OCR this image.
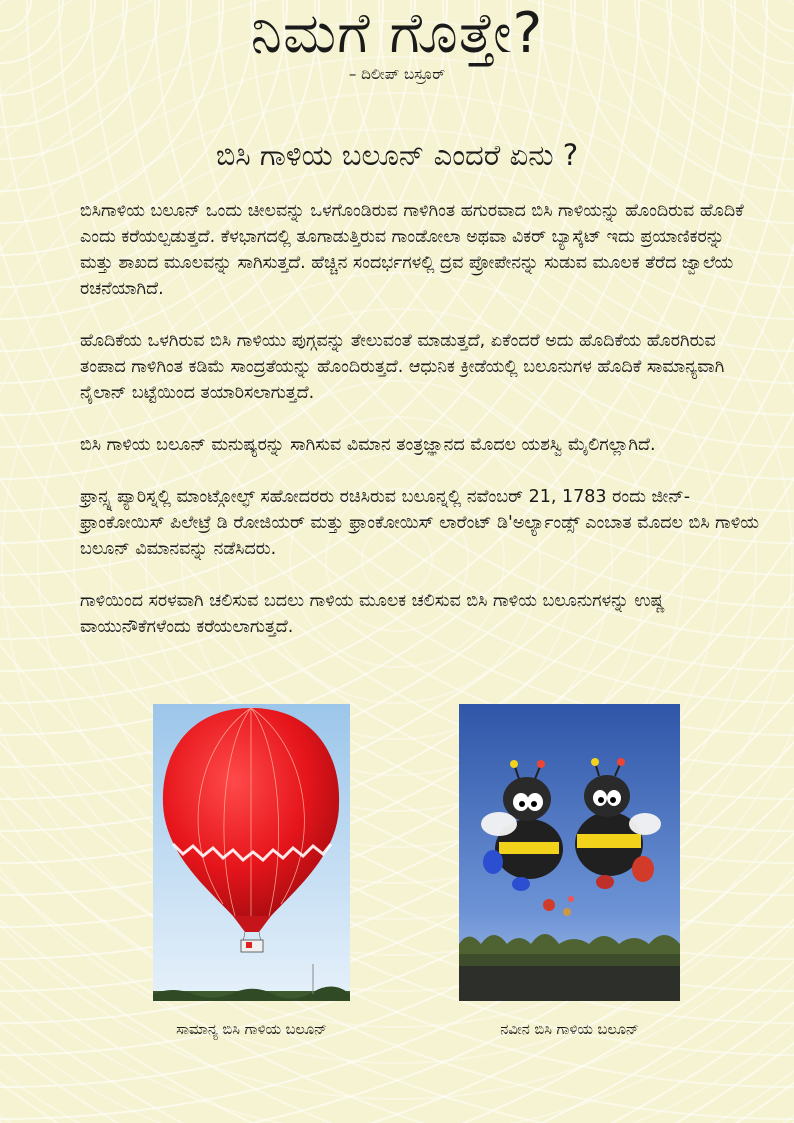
ನಿಮಗೆ ಗೊತ್ತೇ?
– ದಿಲೀಪ್ ಬಸ್ರೂರ್
ಬಿಸಿ ಗಾಳಿಯ ಬಲೂನ್ ಎಂದರೆ ಏನು ?

ಬಿಸಿಗಾಳಿಯ ಬಲೂನ್ ಒಂದು ಚೀಲವನ್ನು ಒಳಗೊಂಡಿರುವ ಗಾಳಿಗಿಂತ ಹಗುರವಾದ ಬಿಸಿ ಗಾಳಿಯನ್ನು ಹೊಂದಿರುವ ಹೊದಿಕೆ ಎಂದು ಕರೆಯಲ್ಪಡುತ್ತದೆ. ಕೆಳಭಾಗದಲ್ಲಿ ತೂಗಾಡುತ್ತಿರುವ ಗಾಂಡೋಲಾ ಅಥವಾ ವಿಕರ್ ಬ್ಯಾಸ್ಕೆಟ್ ಇದು ಪ್ರಯಾಣಿಕರನ್ನು ಮತ್ತು ಶಾಖದ ಮೂಲವನ್ನು ಸಾಗಿಸುತ್ತದೆ. ಹೆಚ್ಚಿನ ಸಂದರ್ಭಗಳಲ್ಲಿ ದ್ರವ ಪ್ರೋಪೇನನ್ನು ಸುಡುವ ಮೂಲಕ ತೆರೆದ ಜ್ವಾಲೆಯ ರಚನೆಯಾಗಿದೆ.

ಹೊದಿಕೆಯ ಒಳಗಿರುವ ಬಿಸಿ ಗಾಳಿಯು ಪುಗ್ಗವನ್ನು ತೇಲುವಂತೆ ಮಾಡುತ್ತದೆ, ಏಕೆಂದರೆ ಅದು ಹೊದಿಕೆಯ ಹೊರಗಿರುವ ತಂಪಾದ ಗಾಳಿಗಿಂತ ಕಡಿಮೆ ಸಾಂದ್ರತೆಯನ್ನು ಹೊಂದಿರುತ್ತದೆ. ಆಧುನಿಕ ಕ್ರೀಡೆಯಲ್ಲಿ ಬಲೂನುಗಳ ಹೊದಿಕೆ ಸಾಮಾನ್ಯವಾಗಿ ನೈಲಾನ್ ಬಟ್ಟೆಯಿಂದ ತಯಾರಿಸಲಾಗುತ್ತದೆ.

ಬಿಸಿ ಗಾಳಿಯ ಬಲೂನ್ ಮನುಷ್ಯರನ್ನು ಸಾಗಿಸುವ ವಿಮಾನ ತಂತ್ರಜ್ಞಾನದ ಮೊದಲ ಯಶಸ್ವಿ ಮೈಲಿಗಲ್ಲಾಗಿದೆ.

ಫ್ರಾನ್ಸ್ನ ಪ್ಯಾರಿಸ್ನಲ್ಲಿ ಮಾಂಟ್ಗೋಲ್ಫ್ ಸಹೋದರರು ರಚಿಸಿರುವ ಬಲೂನ್ನಲ್ಲಿ ನವೆಂಬರ್ 21, 1783 ರಂದು ಜೀನ್-ಫ್ರಾಂಕೋಯಿಸ್ ಪಿಲೇಟ್ರೆ ಡಿ ರೋಜಿಯರ್ ಮತ್ತು ಫ್ರಾಂಕೋಯಿಸ್ ಲಾರೆಂಟ್ ಡಿ'ಅರ್ಲ್ಯಾಂಡ್ಸ್ ಎಂಬಾತ ಮೊದಲ ಬಿಸಿ ಗಾಳಿಯ ಬಲೂನ್ ವಿಮಾನವನ್ನು ನಡೆಸಿದರು.

ಗಾಳಿಯಿಂದ ಸರಳವಾಗಿ ಚಲಿಸುವ ಬದಲು ಗಾಳಿಯ ಮೂಲಕ ಚಲಿಸುವ ಬಿಸಿ ಗಾಳಿಯ ಬಲೂನುಗಳನ್ನು ಉಷ್ಣ ವಾಯುನೌಕೆಗಳೆಂದು ಕರೆಯಲಾಗುತ್ತದೆ.

ಸಾಮಾನ್ಯ ಬಿಸಿ ಗಾಳಿಯ ಬಲೂನ್	ನವೀನ ಬಿಸಿ ಗಾಳಿಯ ಬಲೂನ್
